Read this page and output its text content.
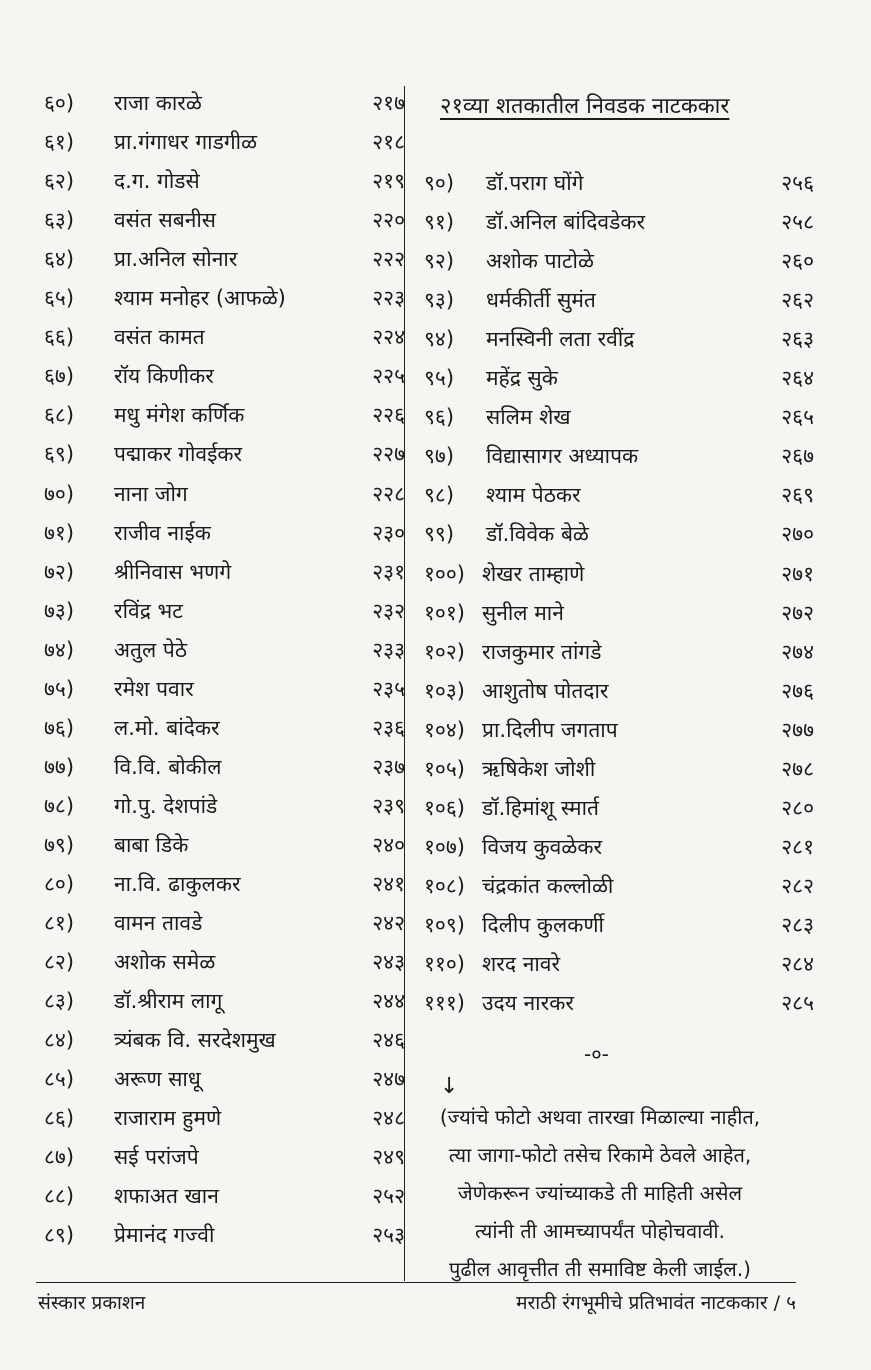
६०) राजा कारळे	२१७
६१) प्रा.गंगाधर गाडगीळ	२१८
६२) द.ग. गोडसे	२१९
६३) वसंत सबनीस	२२०
६४) प्रा.अनिल सोनार	२२२
६५) श्याम मनोहर (आफळे)	२२३
६६) वसंत कामत	२२४
६७) रॉय किणीकर	२२५
६८) मधु मंगेश कर्णिक	२२६
६९) पद्माकर गोवईकर	२२७
७०) नाना जोग	२२८
७१) राजीव नाईक	२३०
७२) श्रीनिवास भणगे	२३१
७३) रविंद्र भट	२३२
७४) अतुल पेठे	२३३
७५) रमेश पवार	२३५
७६) ल.मो. बांदेकर	२३६
७७) वि.वि. बोकील	२३७
७८) गो.पु. देशपांडे	२३९
७९) बाबा डिके	२४०
८०) ना.वि. ढाकुलकर	२४१
८१) वामन तावडे	२४२
८२) अशोक समेळ	२४३
८३) डॉ.श्रीराम लागू	२४४
८४) त्र्यंबक वि. सरदेशमुख	२४६
८५) अरूण साधू	२४७
८६) राजाराम हुमणे	२४८
८७) सई परांजपे	२४९
८८) शफाअत खान	२५२
८९) प्रेमानंद गज्वी	२५३
२१व्या शतकातील निवडक नाटककार
९०) डॉ.पराग घोंगे	२५६
९१) डॉ.अनिल बांदिवडेकर	२५८
९२) अशोक पाटोळे	२६०
९३) धर्मकीर्ती सुमंत	२६२
९४) मनस्विनी लता रवींद्र	२६३
९५) महेंद्र सुके	२६४
९६) सलिम शेख	२६५
९७) विद्यासागर अध्यापक	२६७
९८) श्याम पेठकर	२६९
९९) डॉ.विवेक बेळे	२७०
१००) शेखर ताम्हाणे	२७१
१०१) सुनील माने	२७२
१०२) राजकुमार तांगडे	२७४
१०३) आशुतोष पोतदार	२७६
१०४) प्रा.दिलीप जगताप	२७७
१०५) ऋषिकेश जोशी	२७८
१०६) डॉ.हिमांशू स्मार्त	२८०
१०७) विजय कुवळेकर	२८१
१०८) चंद्रकांत कल्लोळी	२८२
१०९) दिलीप कुलकर्णी	२८३
११०) शरद नावरे	२८४
१११) उदय नारकर	२८५
-०-
↓
(ज्यांचे फोटो अथवा तारखा मिळाल्या नाहीत,
त्या जागा-फोटो तसेच रिकामे ठेवले आहेत,
जेणेकरून ज्यांच्याकडे ती माहिती असेल
त्यांनी ती आमच्यापर्यंत पोहोचवावी.
पुढील आवृत्तीत ती समाविष्ट केली जाईल.)
संस्कार प्रकाशन	मराठी रंगभूमीचे प्रतिभावंत नाटककार / ५
